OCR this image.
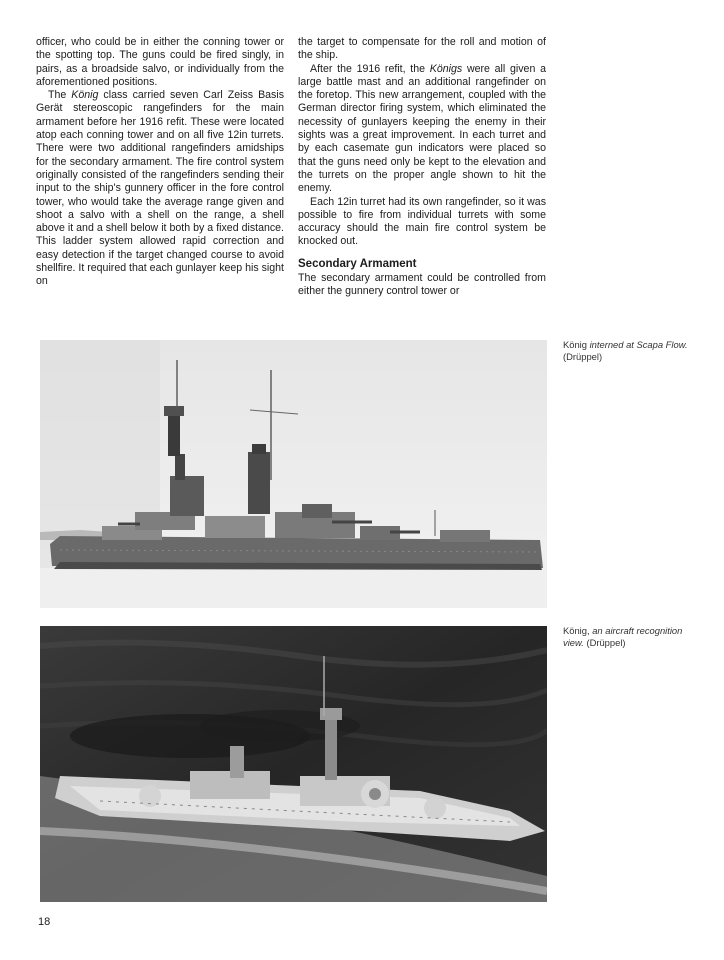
officer, who could be in either the conning tower or the spotting top. The guns could be fired singly, in pairs, as a broadside salvo, or individually from the aforementioned positions.

The König class carried seven Carl Zeiss Basis Gerät stereoscopic rangefinders for the main armament before her 1916 refit. These were located atop each conning tower and on all five 12in turrets. There were two additional rangefinders amidships for the secondary armament. The fire control system originally consisted of the rangefinders sending their input to the ship's gunnery officer in the fore control tower, who would take the average range given and shoot a salvo with a shell on the range, a shell above it and a shell below it both by a fixed distance. This ladder system allowed rapid correction and easy detection if the target changed course to avoid shellfire. It required that each gunlayer keep his sight on

the target to compensate for the roll and motion of the ship.

After the 1916 refit, the Königs were all given a large battle mast and an additional rangefinder on the foretop. This new arrangement, coupled with the German director firing system, which eliminated the necessity of gunlayers keeping the enemy in their sights was a great improvement. In each turret and by each casemate gun indicators were placed so that the guns need only be kept to the elevation and the turrets on the proper angle shown to hit the enemy.

Each 12in turret had its own rangefinder, so it was possible to fire from individual turrets with some accuracy should the main fire control system be knocked out.

Secondary Armament

The secondary armament could be controlled from either the gunnery control tower or

König interned at Scapa Flow. (Drüppel)
König, an aircraft recognition view. (Drüppel)
18
